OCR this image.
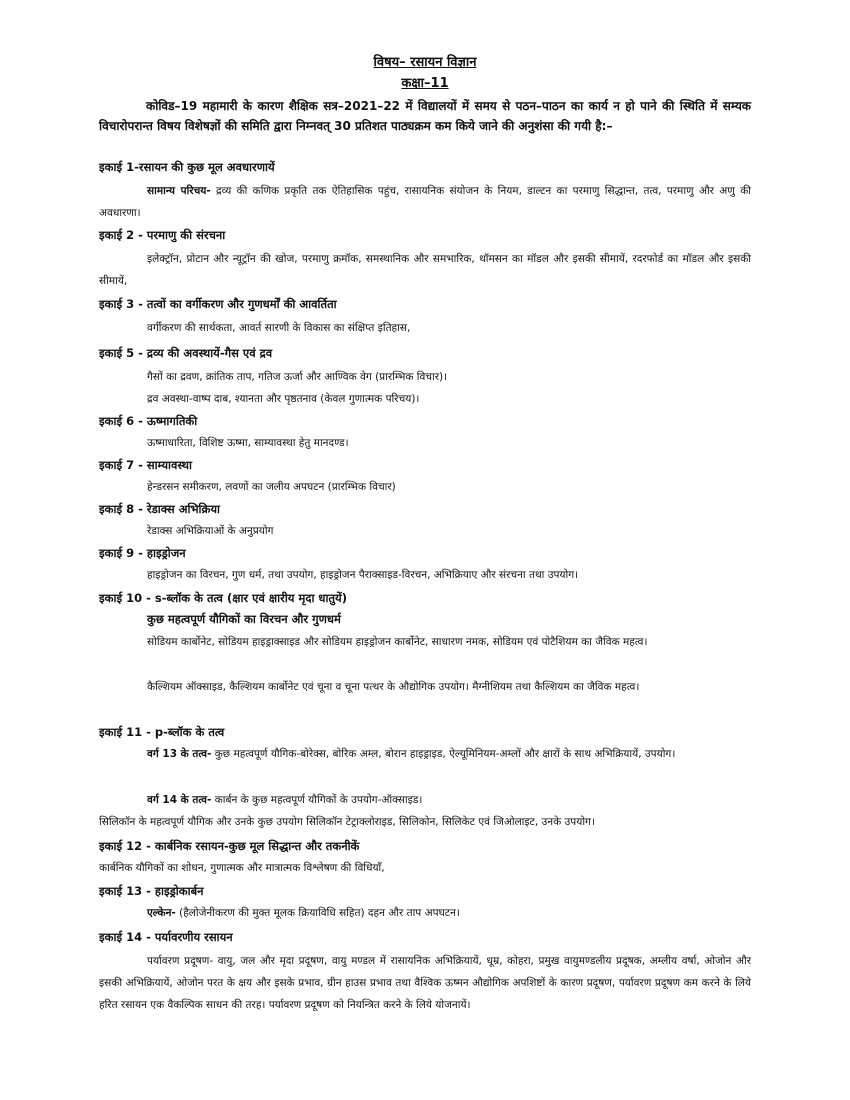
विषय– रसायन विज्ञान
कक्षा–11
कोविड–19 महामारी के कारण शैक्षिक सत्र–2021–22 में विद्यालयों में समय से पठन–पाठन का कार्य न हो पाने की स्थिति में सम्यक विचारोपरान्त विषय विशेषज्ञों की समिति द्वारा निम्नवत् 30 प्रतिशत पाठ्यक्रम कम किये जाने की अनुशंसा की गयी है:–
इकाई 1-रसायन की कुछ मूल अवधारणायें
सामान्य परिचय- द्रव्य की कणिक प्रकृति तक ऐतिहासिक पहुंच, रासायनिक संयोजन के नियम, डाल्टन का परमाणु सिद्धान्त, तत्व, परमाणु और अणु की अवधारणा।
इकाई 2 - परमाणु की संरचना
इलेक्ट्रॉन, प्रोटान और न्यूट्रॉन की खोज, परमाणु क्रमॉक, समस्थानिक और समभारिक, थॉमसन का मॉडल और इसकी सीमायें, रदरफोर्ड का मॉडल और इसकी सीमायें,
इकाई 3 - तत्वों का वर्गीकरण और गुणधर्मों की आवर्तिता
वर्गीकरण की सार्थकता, आवर्त सारणी के विकास का संक्षिप्त इतिहास,
इकाई 5 - द्रव्य की अवस्थायें-गैस एवं द्रव
गैसों का द्रवण, क्रांतिक ताप, गतिज ऊर्जा और आण्विक वेग (प्रारम्भिक विचार)।
द्रव अवस्था-वाष्प दाब, श्यानता और पृष्ठतनाव (केवल गुणात्मक परिचय)।
इकाई 6 - ऊष्मागतिकी
ऊष्माधारिता, विशिष्ट ऊष्मा, साम्यावस्था हेतु मानदण्ड।
इकाई 7 - साम्यावस्था
हेन्डरसन समीकरण, लवणों का जलीय अपघटन (प्रारम्भिक विचार)
इकाई 8 - रेडाक्स अभिक्रिया
रेडाक्स अभिक्रियाओं के अनुप्रयोग
इकाई 9 - हाइड्रोजन
हाइड्रोजन का विरचन, गुण धर्म, तथा उपयोग, हाइड्रोजन पैराक्साइड-विरचन, अभिक्रियाए और संरचना तथा उपयोग।
इकाई 10 - s-ब्लॉक के तत्व (क्षार एवं क्षारीय मृदा धातुयें)
कुछ महत्वपूर्ण यौगिकों का विरचन और गुणधर्म
सोडियम कार्बोनेट, सोडियम हाइड्राक्साइड और सोडियम हाइड्रोजन कार्बोनेट, साधारण नमक, सोडियम एवं पोटैशियम का जैविक महत्व।
कैल्शियम ऑक्साइड, कैल्शियम कार्बोनेट एवं चूना व चूना पत्थर के औद्योगिक उपयोग। मैग्नीशियम तथा कैल्शियम का जैविक महत्व।
इकाई 11 - p-ब्लॉक के तत्व
वर्ग 13 के तत्व- कुछ महत्वपूर्ण यौगिक-बोरेक्स, बोरिक अम्ल, बोरान हाइड्राइड, ऐल्यूमिनियम-अम्लों और क्षारों के साथ अभिक्रियायें, उपयोग।
वर्ग 14 के तत्व- कार्बन के कुछ महत्वपूर्ण यौगिकों के उपयोग-ऑक्साइड।
सिलिकॉन के महत्वपूर्ण यौगिक और उनके कुछ उपयोग सिलिकॉन टेट्राक्लोराइड, सिलिकोन, सिलिकेट एवं जिओलाइट, उनके उपयोग।
इकाई 12 - कार्बनिक रसायन-कुछ मूल सिद्धान्त और तकनीकें
कार्बनिक यौगिकों का शोधन, गुणात्मक और मात्रात्मक विश्लेषण की विधियाँ,
इकाई 13 - हाइड्रोकार्बन
एल्केन- (हैलोजेनीकरण की मुक्त मूलक क्रियाविधि सहित) दहन और ताप अपघटन।
इकाई 14 - पर्यावरणीय रसायन
पर्यावरण प्रदूषण- वायु, जल और मृदा प्रदूषण, वायु मण्डल में रासायनिक अभिक्रियायें, धूम्र, कोहरा, प्रमुख वायुमण्डलीय प्रदूषक, अम्लीय वर्षा, ओजोन और इसकी अभिक्रियायें, ओजोन परत के क्षय और इसके प्रभाव, ग्रीन हाउस प्रभाव तथा वैश्विक ऊष्मन औद्योगिक अपशिष्टों के कारण प्रदूषण, पर्यावरण प्रदूषण कम करने के लिये हरित रसायन एक वैकल्पिक साधन की तरह। पर्यावरण प्रदूषण को नियन्त्रित करने के लिये योजनायें।
